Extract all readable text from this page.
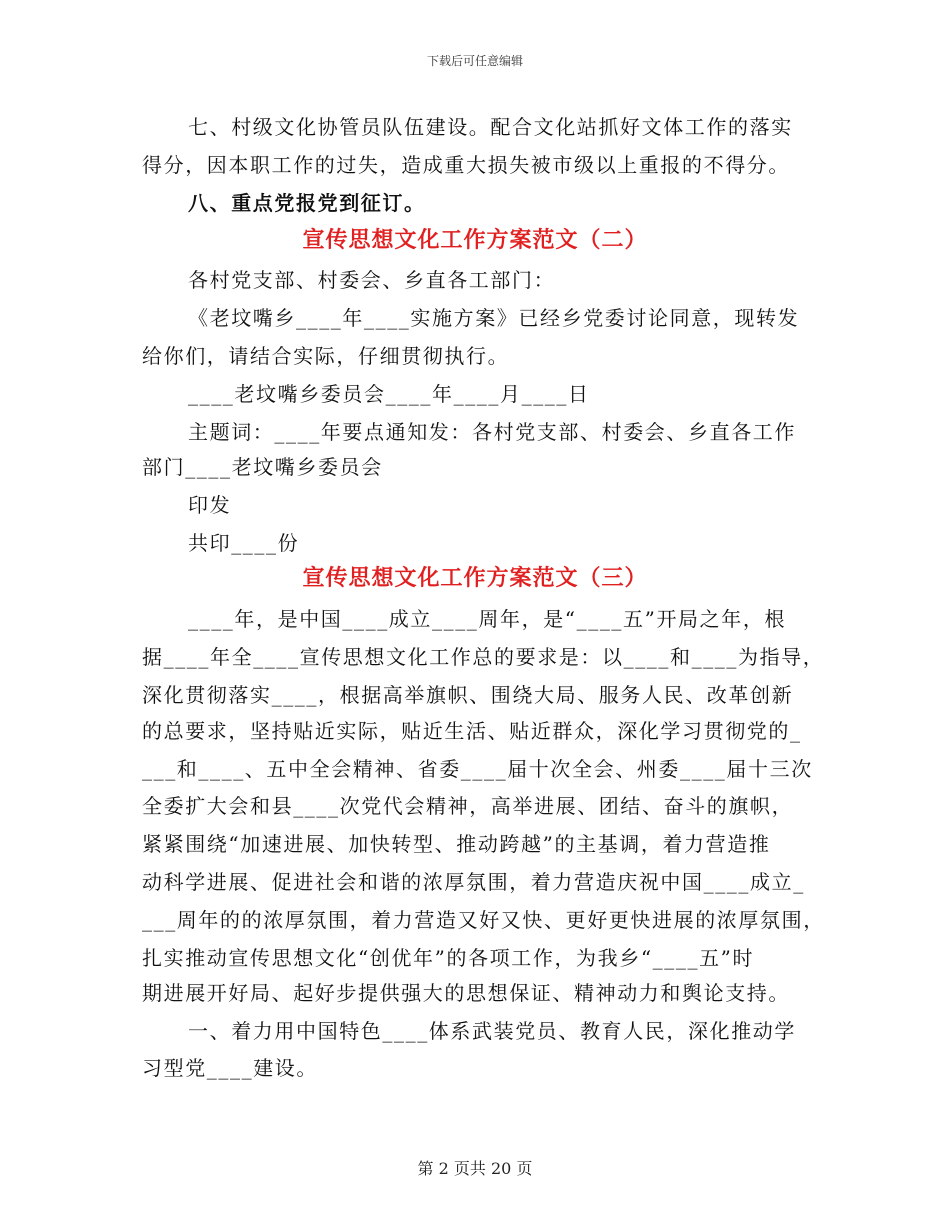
下载后可任意编辑
七、村级文化协管员队伍建设。配合文化站抓好文体工作的落实
得分，因本职工作的过失，造成重大损失被市级以上重报的不得分。
八、重点党报党到征订。
宣传思想文化工作方案范文（二）
各村党支部、村委会、乡直各工部门：
《老坟嘴乡____年____实施方案》已经乡党委讨论同意，现转发
给你们，请结合实际，仔细贯彻执行。
____老坟嘴乡委员会____年____月____日
主题词：____年要点通知发：各村党支部、村委会、乡直各工作
部门____老坟嘴乡委员会
印发
共印____份
宣传思想文化工作方案范文（三）
____年，是中国____成立____周年，是“____五”开局之年，根
据____年全____宣传思想文化工作总的要求是：以____和____为指导，
深化贯彻落实____，根据高举旗帜、围绕大局、服务人民、改革创新
的总要求，坚持贴近实际，贴近生活、贴近群众，深化学习贯彻党的_
___和____、五中全会精神、省委____届十次全会、州委____届十三次
全委扩大会和县____次党代会精神，高举进展、团结、奋斗的旗帜，
紧紧围绕“加速进展、加快转型、推动跨越”的主基调，着力营造推
动科学进展、促进社会和谐的浓厚氛围，着力营造庆祝中国____成立_
___周年的的浓厚氛围，着力营造又好又快、更好更快进展的浓厚氛围，
扎实推动宣传思想文化“创优年”的各项工作，为我乡“____五”时
期进展开好局、起好步提供强大的思想保证、精神动力和舆论支持。
一、着力用中国特色____体系武装党员、教育人民，深化推动学
习型党____建设。
第 2 页共 20 页
